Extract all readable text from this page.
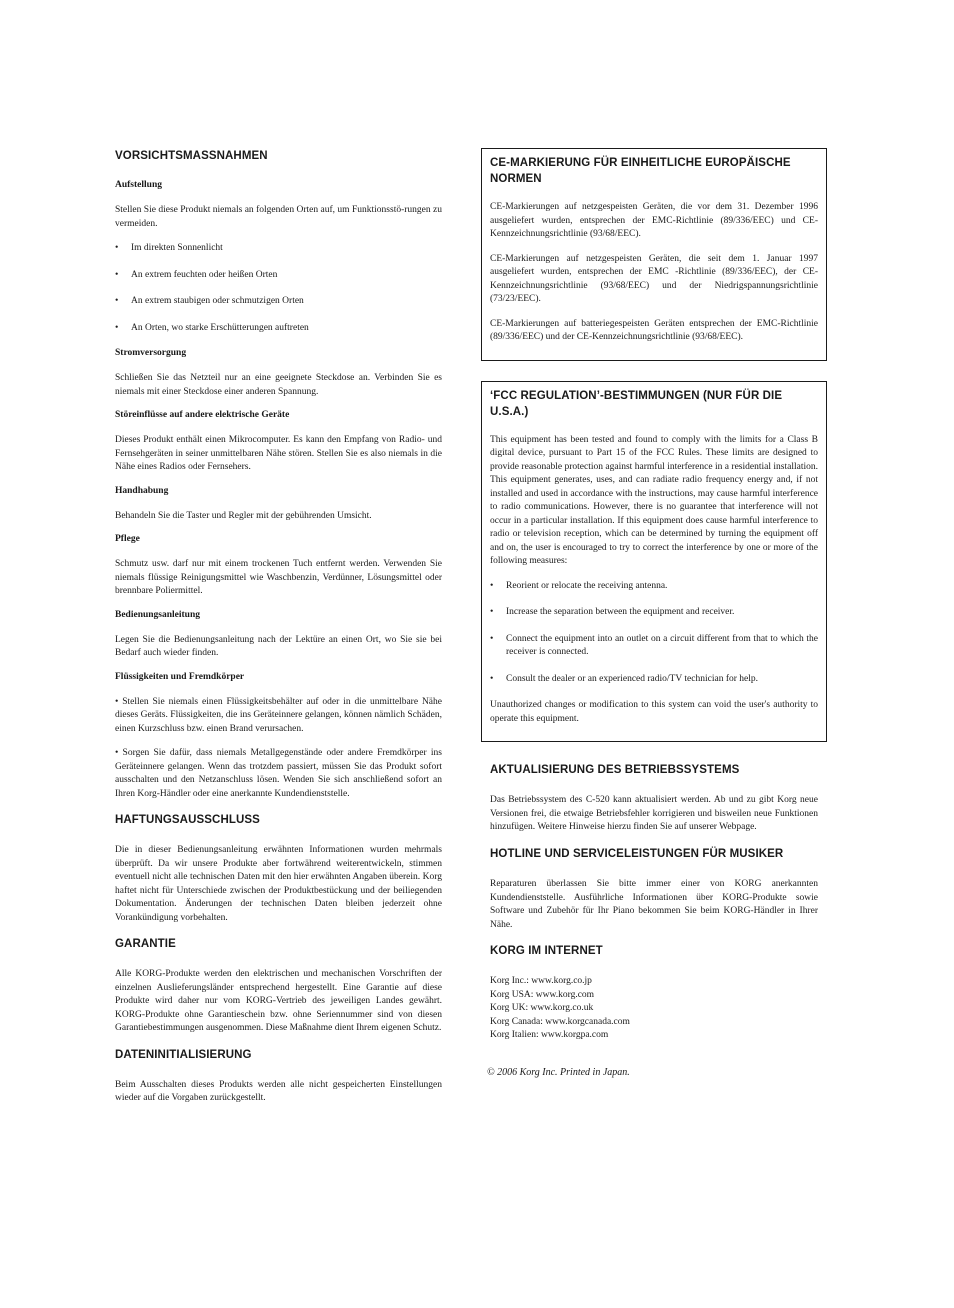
VORSICHTSMASSNAHMEN
Aufstellung

Stellen Sie diese Produkt niemals an folgenden Orten auf, um Funktionsstö-rungen zu vermeiden.

• Im direkten Sonnenlicht
• An extrem feuchten oder heißen Orten
• An extrem staubigen oder schmutzigen Orten
• An Orten, wo starke Erschütterungen auftreten
Stromversorgung

Schließen Sie das Netzteil nur an eine geeignete Steckdose an. Verbinden Sie es niemals mit einer Steckdose einer anderen Spannung.

Störeinflüsse auf andere elektrische Geräte

Dieses Produkt enthält einen Mikrocomputer. Es kann den Empfang von Radio- und Fernsehgeräten in seiner unmittelbaren Nähe stören. Stellen Sie es also niemals in die Nähe eines Radios oder Fernsehers.

Handhabung

Behandeln Sie die Taster und Regler mit der gebührenden Umsicht.

Pflege

Schmutz usw. darf nur mit einem trockenen Tuch entfernt werden. Verwenden Sie niemals flüssige Reinigungsmittel wie Waschbenzin, Verdünner, Lösungsmittel oder brennbare Poliermittel.

Bedienungsanleitung

Legen Sie die Bedienungsanleitung nach der Lektüre an einen Ort, wo Sie sie bei Bedarf auch wieder finden.

Flüssigkeiten und Fremdkörper

• Stellen Sie niemals einen Flüssigkeitsbehälter auf oder in die unmittelbare Nähe dieses Geräts. Flüssigkeiten, die ins Geräteinnere gelangen, können nämlich Schäden, einen Kurzschluss bzw. einen Brand verursachen.

• Sorgen Sie dafür, dass niemals Metallgegenstände oder andere Fremdkörper ins Geräteinnere gelangen. Wenn das trotzdem passiert, müssen Sie das Produkt sofort ausschalten und den Netzanschluss lösen. Wenden Sie sich anschließend sofort an Ihren Korg-Händler oder eine anerkannte Kundendienststelle.

HAFTUNGSAUSSCHLUSS

Die in dieser Bedienungsanleitung erwähnten Informationen wurden mehrmals überprüft. Da wir unsere Produkte aber fortwährend weiterentwickeln, stimmen eventuell nicht alle technischen Daten mit den hier erwähnten Angaben überein. Korg haftet nicht für Unterschiede zwischen der Produktbestückung und der beiliegenden Dokumentation. Änderungen der technischen Daten bleiben jederzeit ohne Vorankündigung vorbehalten.

GARANTIE

Alle KORG-Produkte werden den elektrischen und mechanischen Vorschriften der einzelnen Auslieferungsländer entsprechend hergestellt. Eine Garantie auf diese Produkte wird daher nur vom KORG-Vertrieb des jeweiligen Landes gewährt. KORG-Produkte ohne Garantieschein bzw. ohne Seriennummer sind von diesen Garantiebestimmungen ausgenommen. Diese Maßnahme dient Ihrem eigenen Schutz.

DATENINITIALISIERUNG

Beim Ausschalten dieses Produkts werden alle nicht gespeicherten Einstellungen wieder auf die Vorgaben zurückgestellt.

CE-MARKIERUNG FÜR EINHEITLICHE EUROPÄISCHE NORMEN

CE-Markierungen auf netzgespeisten Geräten, die vor dem 31. Dezember 1996 ausgeliefert wurden, entsprechen der EMC-Richtlinie (89/336/EEC) und CE-Kennzeichnungsrichtlinie (93/68/EEC).

CE-Markierungen auf netzgespeisten Geräten, die seit dem 1. Januar 1997 ausgeliefert wurden, entsprechen der EMC -Richtlinie (89/336/EEC), der CE-Kennzeichnungsrichtlinie (93/68/EEC) und der Niedrigspannungsrichtlinie (73/23/EEC).

CE-Markierungen auf batteriegespeisten Geräten entsprechen der EMC-Richtlinie (89/336/EEC) und der CE-Kennzeichnungsrichtlinie (93/68/EEC).

‘FCC REGULATION’-BESTIMMUNGEN (NUR FÜR DIE U.S.A.)

This equipment has been tested and found to comply with the limits for a Class B digital device, pursuant to Part 15 of the FCC Rules. These limits are designed to provide reasonable protection against harmful interference in a residential installation. This equipment generates, uses, and can radiate radio frequency energy and, if not installed and used in accordance with the instructions, may cause harmful interference to radio communications. However, there is no guarantee that interference will not occur in a particular installation. If this equipment does cause harmful interference to radio or television reception, which can be determined by turning the equipment off and on, the user is encouraged to try to correct the interference by one or more of the following measures:

• Reorient or relocate the receiving antenna.
• Increase the separation between the equipment and receiver.
• Connect the equipment into an outlet on a circuit different from that to which the receiver is connected.
• Consult the dealer or an experienced radio/TV technician for help.

Unauthorized changes or modification to this system can void the user's authority to operate this equipment.

AKTUALISIERUNG DES BETRIEBSSYSTEMS

Das Betriebssystem des C-520 kann aktualisiert werden. Ab und zu gibt Korg neue Versionen frei, die etwaige Betriebsfehler korrigieren und bisweilen neue Funktionen hinzufügen. Weitere Hinweise hierzu finden Sie auf unserer Webpage.

HOTLINE UND SERVICELEISTUNGEN FÜR MUSIKER

Reparaturen überlassen Sie bitte immer einer von KORG anerkannten Kundendienststelle. Ausführliche Informationen über KORG-Produkte sowie Software und Zubehör für Ihr Piano bekommen Sie beim KORG-Händler in Ihrer Nähe.

KORG IM INTERNET

Korg Inc.: www.korg.co.jp

Korg USA: www.korg.com

Korg UK: www.korg.co.uk

Korg Canada: www.korgcanada.com

Korg Italien: www.korgpa.com

© 2006 Korg Inc. Printed in Japan.
